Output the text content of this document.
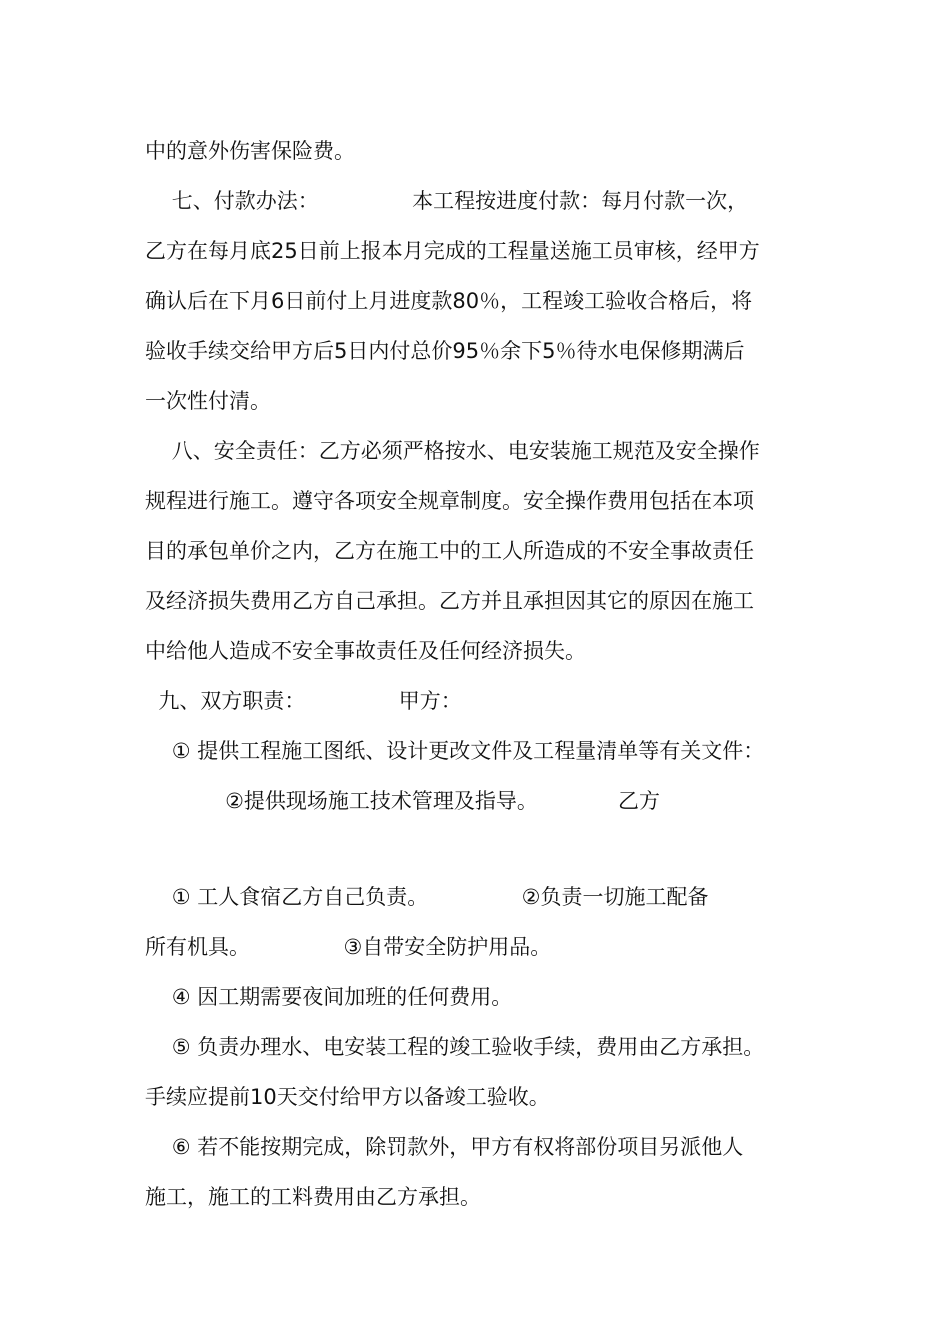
中的意外伤害保险费。
七、付款办法：              本工程按进度付款：每月付款一次，
乙方在每月底25日前上报本月完成的工程量送施工员审核，经甲方
确认后在下月6日前付上月进度款80％，工程竣工验收合格后，将
验收手续交给甲方后5日内付总价95％余下5％待水电保修期满后
一次性付清。
八、安全责任：乙方必须严格按水、电安装施工规范及安全操作
规程进行施工。遵守各项安全规章制度。安全操作费用包括在本项
目的承包单价之内，乙方在施工中的工人所造成的不安全事故责任
及经济损失费用乙方自己承担。乙方并且承担因其它的原因在施工
中给他人造成不安全事故责任及任何经济损失。
九、双方职责：              甲方：
① 提供工程施工图纸、设计更改文件及工程量清单等有关文件：
②提供现场施工技术管理及指导。            乙方
① 工人食宿乙方自己负责。              ②负责一切施工配备
所有机具。              ③自带安全防护用品。
④ 因工期需要夜间加班的任何费用。
⑤ 负责办理水、电安装工程的竣工验收手续，费用由乙方承担。
手续应提前10天交付给甲方以备竣工验收。
⑥ 若不能按期完成，除罚款外，甲方有权将部份项目另派他人
施工，施工的工料费用由乙方承担。
